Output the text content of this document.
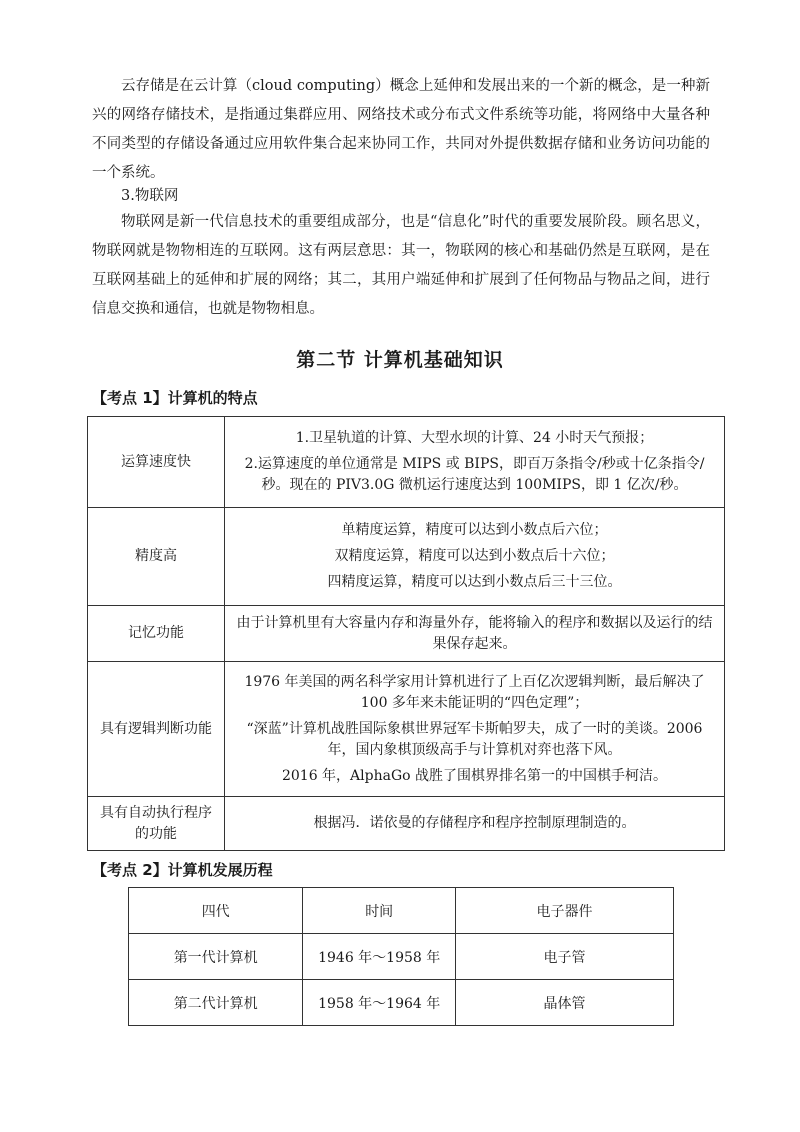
云存储是在云计算（cloud computing）概念上延伸和发展出来的一个新的概念，是一种新兴的网络存储技术，是指通过集群应用、网络技术或分布式文件系统等功能，将网络中大量各种不同类型的存储设备通过应用软件集合起来协同工作，共同对外提供数据存储和业务访问功能的一个系统。

3.物联网

物联网是新一代信息技术的重要组成部分，也是“信息化”时代的重要发展阶段。顾名思义，物联网就是物物相连的互联网。这有两层意思：其一，物联网的核心和基础仍然是互联网，是在互联网基础上的延伸和扩展的网络；其二，其用户端延伸和扩展到了任何物品与物品之间，进行信息交换和通信，也就是物物相息。

第二节 计算机基础知识
【考点 1】计算机的特点
运算速度快	1.卫星轨道的计算、大型水坝的计算、24 小时天气预报；
2.运算速度的单位通常是 MIPS 或 BIPS，即百万条指令/秒或十亿条指令/秒。现在的 PIV3.0G 微机运行速度达到 100MIPS，即 1 亿次/秒。

精度高	单精度运算，精度可以达到小数点后六位；
双精度运算，精度可以达到小数点后十六位；
四精度运算，精度可以达到小数点后三十三位。

记忆功能	由于计算机里有大容量内存和海量外存，能将输入的程序和数据以及运行的结果保存起来。

具有逻辑判断功能	1976 年美国的两名科学家用计算机进行了上百亿次逻辑判断，最后解决了 100 多年来未能证明的“四色定理”；
“深蓝”计算机战胜国际象棋世界冠军卡斯帕罗夫，成了一时的美谈。2006 年，国内象棋顶级高手与计算机对弈也落下风。
2016 年，AlphaGo 战胜了围棋界排名第一的中国棋手柯洁。

具有自动执行程序的功能	根据冯．诺依曼的存储程序和程序控制原理制造的。
【考点 2】计算机发展历程
四代	时间	电子器件
第一代计算机	1946 年～1958 年	电子管
第二代计算机	1958 年～1964 年	晶体管
